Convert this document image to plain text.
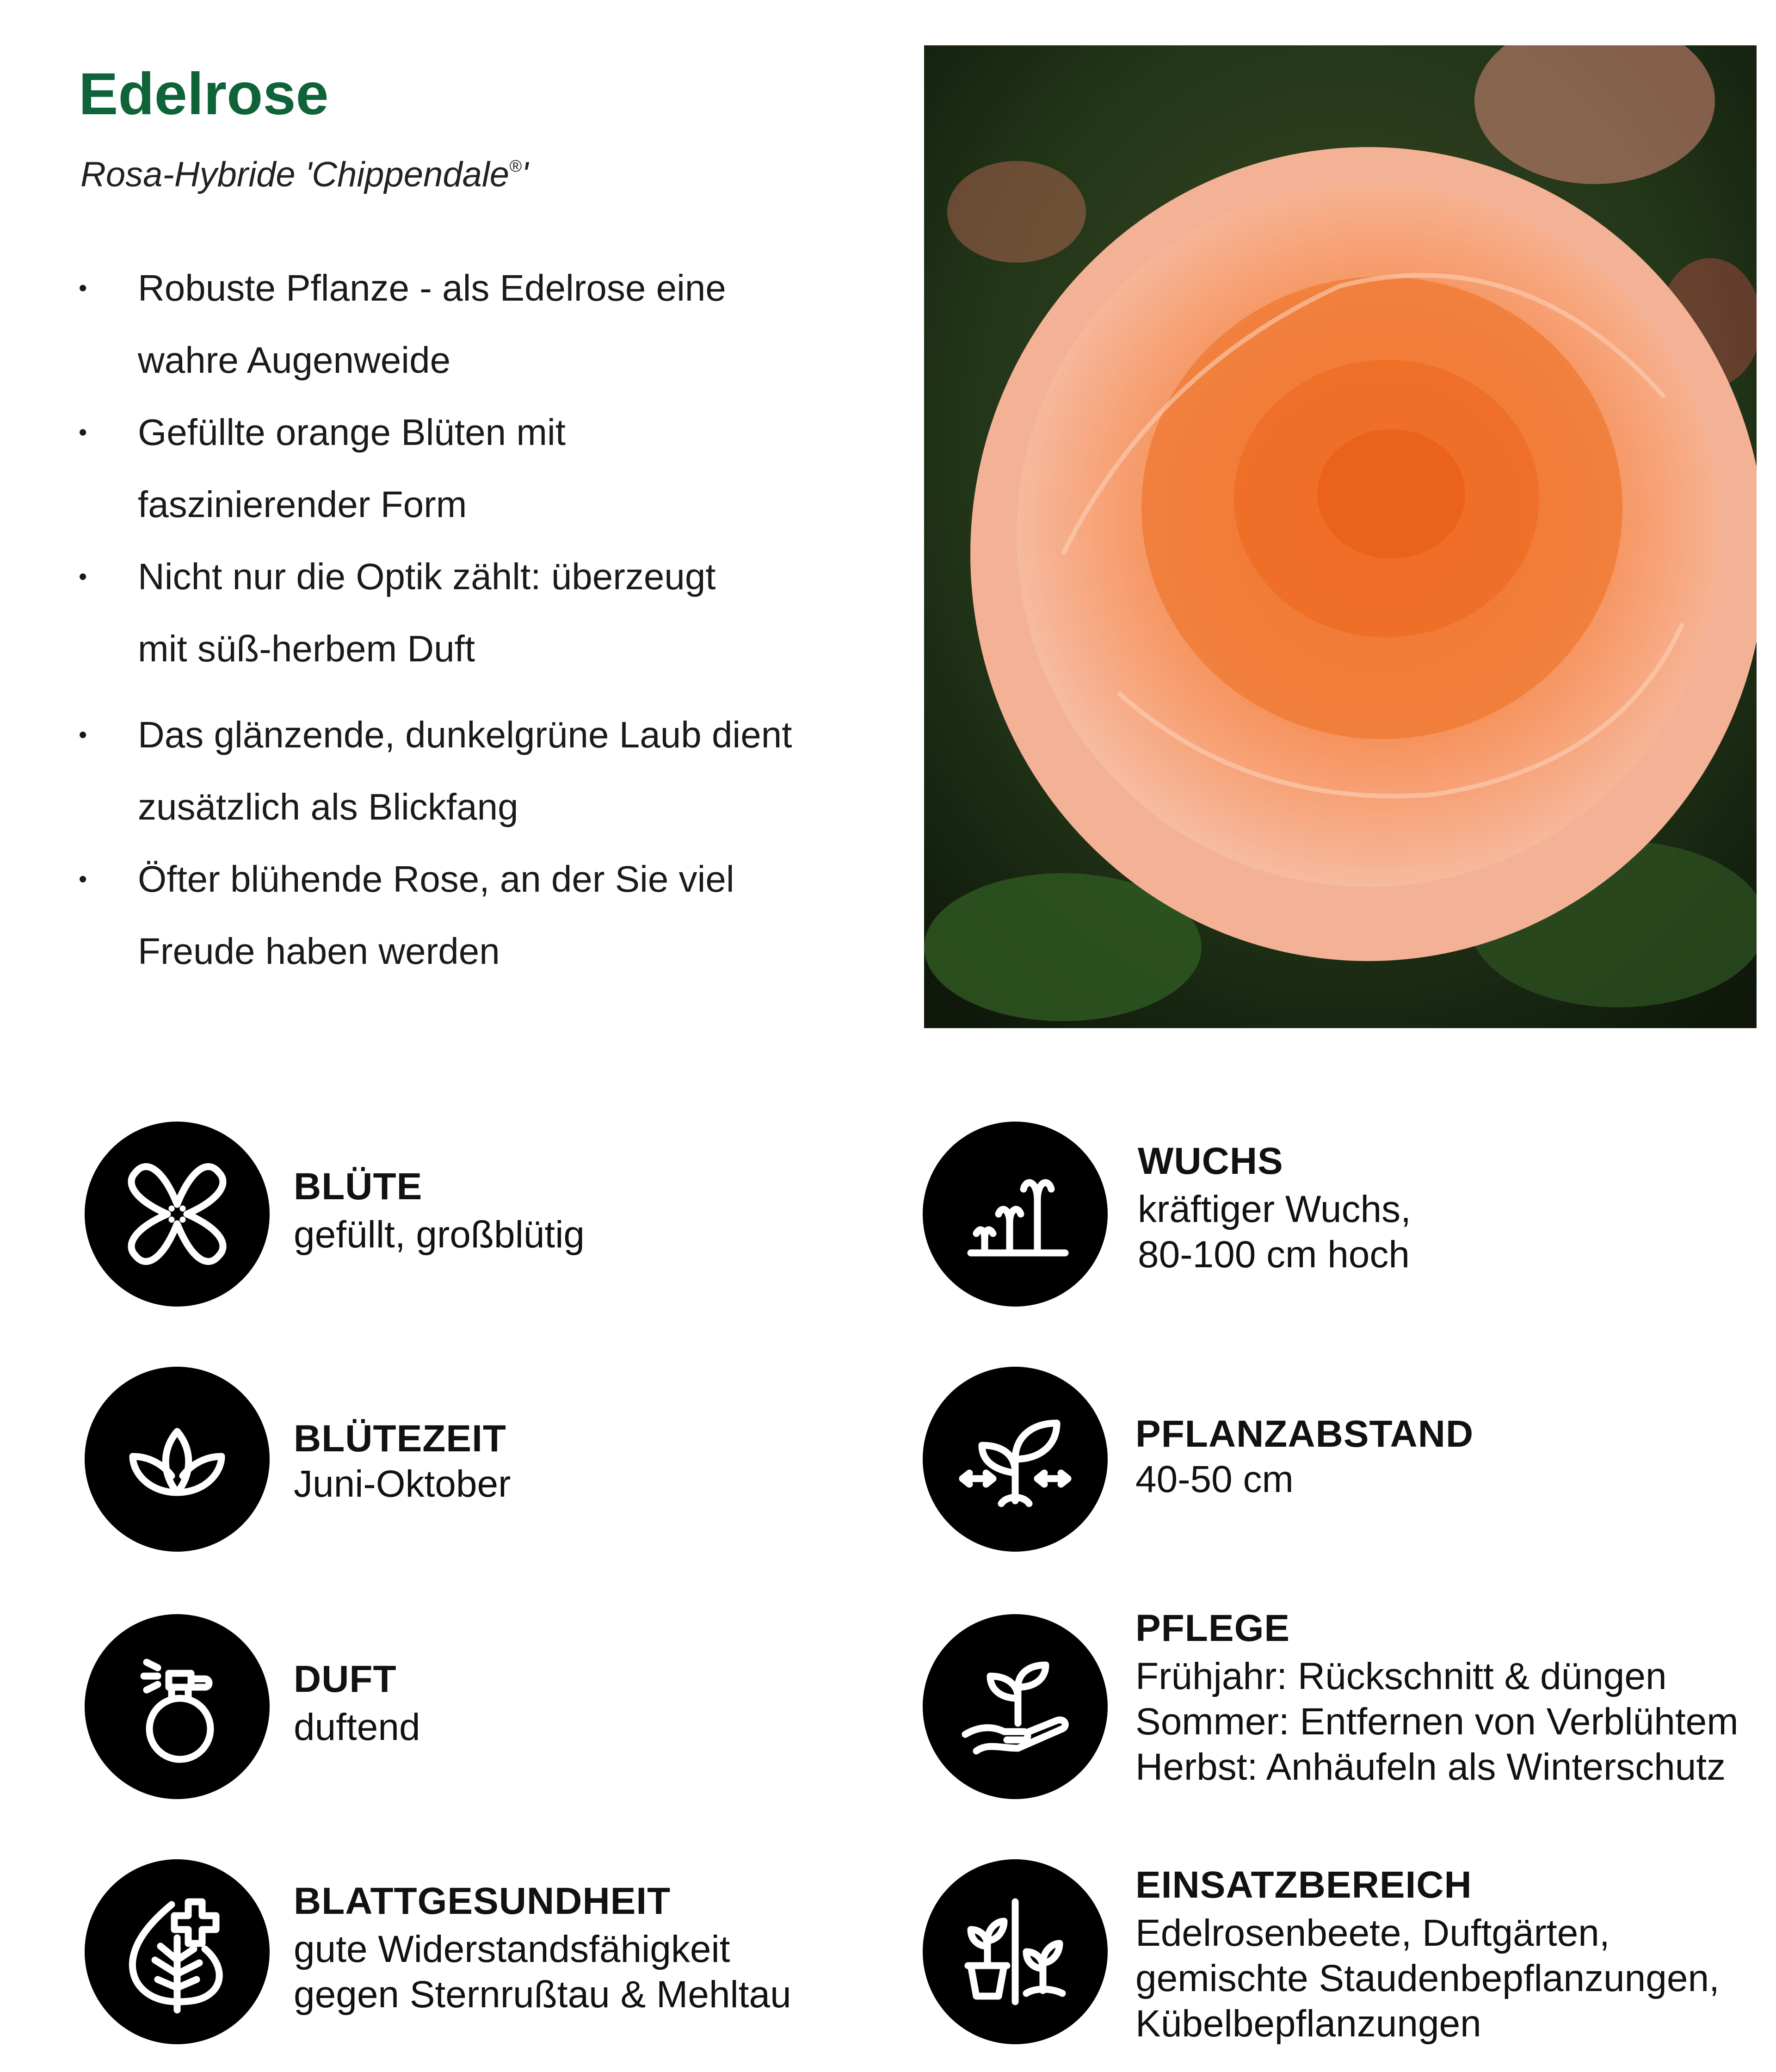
Edelrose
Rosa-Hybride 'Chippendale®'
• Robuste Pflanze - als Edelrose eine
wahre Augenweide
• Gefüllte orange Blüten mit
faszinierender Form
• Nicht nur die Optik zählt: überzeugt
mit süß-herbem Duft
• Das glänzende, dunkelgrüne Laub dient
zusätzlich als Blickfang
• Öfter blühende Rose, an der Sie viel
Freude haben werden
BLÜTE
gefüllt, großblütig
WUCHS
kräftiger Wuchs,
80-100 cm hoch
BLÜTEZEIT
Juni-Oktober
PFLANZABSTAND
40-50 cm
DUFT
duftend
PFLEGE
Frühjahr: Rückschnitt & düngen
Sommer: Entfernen von Verblühtem
Herbst: Anhäufeln als Winterschutz
BLATTGESUNDHEIT
gute Widerstandsfähigkeit
gegen Sternrußtau & Mehltau
EINSATZBEREICH
Edelrosenbeete, Duftgärten,
gemischte Staudenbepflanzungen,
Kübelbepflanzungen
